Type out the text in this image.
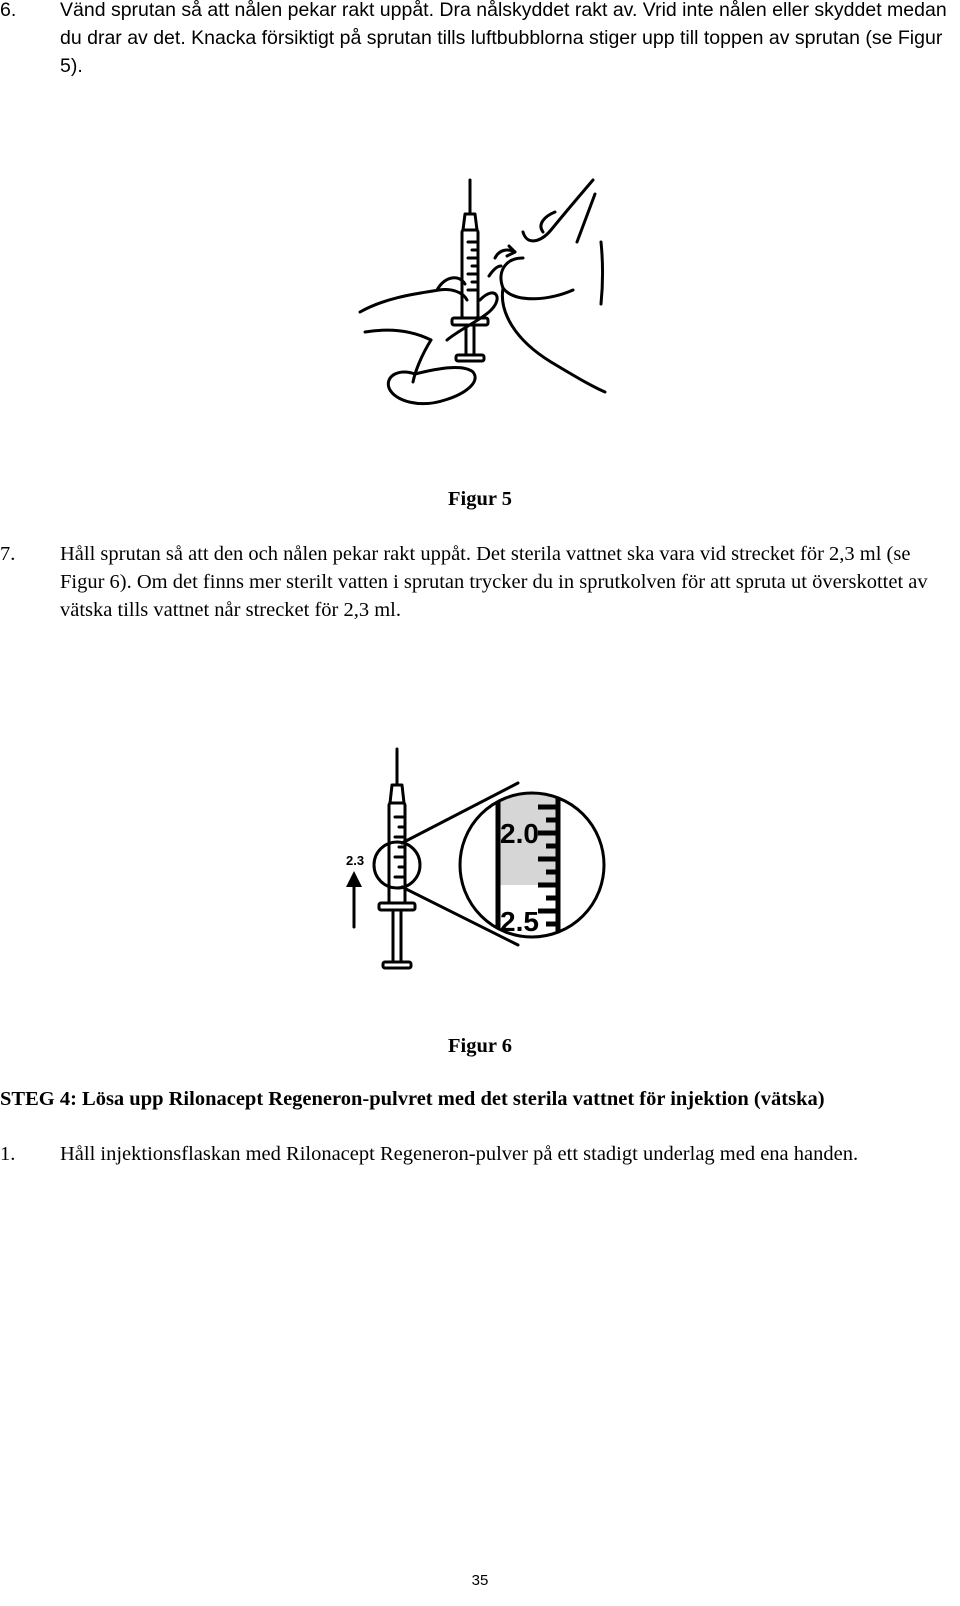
6. Vänd sprutan så att nålen pekar rakt uppåt. Dra nålskyddet rakt av. Vrid inte nålen eller skyddet medan du drar av det. Knacka försiktigt på sprutan tills luftbubblorna stiger upp till toppen av sprutan (se Figur 5).
Figur 5
7. Håll sprutan så att den och nålen pekar rakt uppåt. Det sterila vattnet ska vara vid strecket för 2,3 ml (se Figur 6). Om det finns mer sterilt vatten i sprutan trycker du in sprutkolven för att spruta ut överskottet av vätska tills vattnet når strecket för 2,3 ml.
2.3
2.0
2.5
Figur 6
STEG 4: Lösa upp Rilonacept Regeneron-pulvret med det sterila vattnet för injektion (vätska)
1. Håll injektionsflaskan med Rilonacept Regeneron-pulver på ett stadigt underlag med ena handen.
35
